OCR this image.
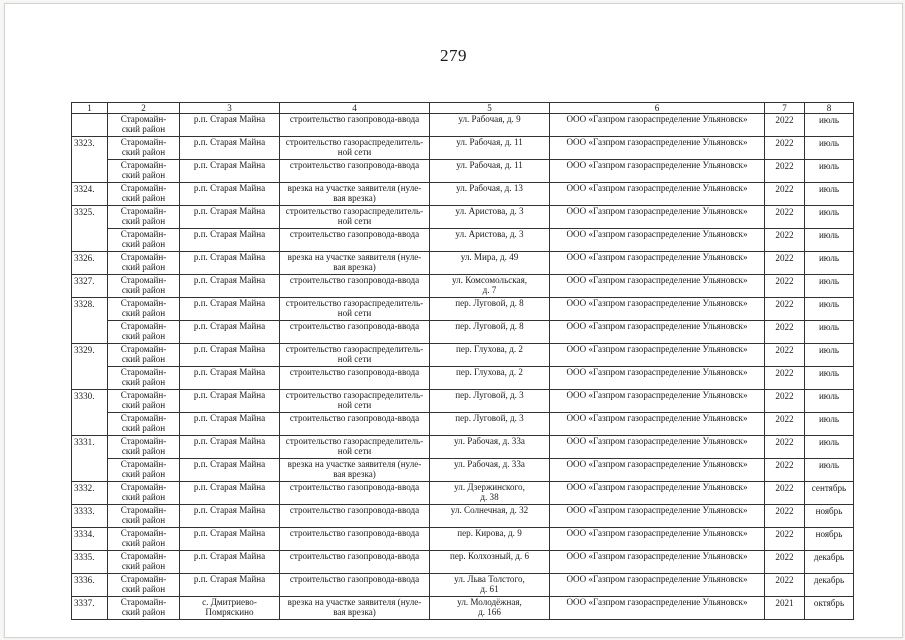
279
1	2	3	4	5	6	7	8
	Старомайн-
ский район	р.п. Старая Майна	строительство газопровода-ввода	ул. Рабочая, д. 9	ООО «Газпром газораспределение Ульяновск»	2022	июль
3323.	Старомайн-
ский район	р.п. Старая Майна	строительство газораспределитель-
ной сети	ул. Рабочая, д. 11	ООО «Газпром газораспределение Ульяновск»	2022	июль
	Старомайн-
ский район	р.п. Старая Майна	строительство газопровода-ввода	ул. Рабочая, д. 11	ООО «Газпром газораспределение Ульяновск»	2022	июль
3324.	Старомайн-
ский район	р.п. Старая Майна	врезка на участке заявителя (нуле-
вая врезка)	ул. Рабочая, д. 13	ООО «Газпром газораспределение Ульяновск»	2022	июль
3325.	Старомайн-
ский район	р.п. Старая Майна	строительство газораспределитель-
ной сети	ул. Аристова, д. 3	ООО «Газпром газораспределение Ульяновск»	2022	июль
	Старомайн-
ский район	р.п. Старая Майна	строительство газопровода-ввода	ул. Аристова, д. 3	ООО «Газпром газораспределение Ульяновск»	2022	июль
3326.	Старомайн-
ский район	р.п. Старая Майна	врезка на участке заявителя (нуле-
вая врезка)	ул. Мира, д. 49	ООО «Газпром газораспределение Ульяновск»	2022	июль
3327.	Старомайн-
ский район	р.п. Старая Майна	строительство газопровода-ввода	ул. Комсомольская,
д. 7	ООО «Газпром газораспределение Ульяновск»	2022	июль
3328.	Старомайн-
ский район	р.п. Старая Майна	строительство газораспределитель-
ной сети	пер. Луговой, д. 8	ООО «Газпром газораспределение Ульяновск»	2022	июль
	Старомайн-
ский район	р.п. Старая Майна	строительство газопровода-ввода	пер. Луговой, д. 8	ООО «Газпром газораспределение Ульяновск»	2022	июль
3329.	Старомайн-
ский район	р.п. Старая Майна	строительство газораспределитель-
ной сети	пер. Глухова, д. 2	ООО «Газпром газораспределение Ульяновск»	2022	июль
	Старомайн-
ский район	р.п. Старая Майна	строительство газопровода-ввода	пер. Глухова, д. 2	ООО «Газпром газораспределение Ульяновск»	2022	июль
3330.	Старомайн-
ский район	р.п. Старая Майна	строительство газораспределитель-
ной сети	пер. Луговой, д. 3	ООО «Газпром газораспределение Ульяновск»	2022	июль
	Старомайн-
ский район	р.п. Старая Майна	строительство газопровода-ввода	пер. Луговой, д. 3	ООО «Газпром газораспределение Ульяновск»	2022	июль
3331.	Старомайн-
ский район	р.п. Старая Майна	строительство газораспределитель-
ной сети	ул. Рабочая, д. 33а	ООО «Газпром газораспределение Ульяновск»	2022	июль
	Старомайн-
ский район	р.п. Старая Майна	врезка на участке заявителя (нуле-
вая врезка)	ул. Рабочая, д. 33а	ООО «Газпром газораспределение Ульяновск»	2022	июль
3332.	Старомайн-
ский район	р.п. Старая Майна	строительство газопровода-ввода	ул. Дзержинского,
д. 38	ООО «Газпром газораспределение Ульяновск»	2022	сентябрь
3333.	Старомайн-
ский район	р.п. Старая Майна	строительство газопровода-ввода	ул. Солнечная, д. 32	ООО «Газпром газораспределение Ульяновск»	2022	ноябрь
3334.	Старомайн-
ский район	р.п. Старая Майна	строительство газопровода-ввода	пер. Кирова, д. 9	ООО «Газпром газораспределение Ульяновск»	2022	ноябрь
3335.	Старомайн-
ский район	р.п. Старая Майна	строительство газопровода-ввода	пер. Колхозный, д. 6	ООО «Газпром газораспределение Ульяновск»	2022	декабрь
3336.	Старомайн-
ский район	р.п. Старая Майна	строительство газопровода-ввода	ул. Льва Толстого,
д. 61	ООО «Газпром газораспределение Ульяновск»	2022	декабрь
3337.	Старомайн-
ский район	с. Дмитриево-
Помряскино	врезка на участке заявителя (нуле-
вая врезка)	ул. Молодёжная,
д. 166	ООО «Газпром газораспределение Ульяновск»	2021	октябрь
